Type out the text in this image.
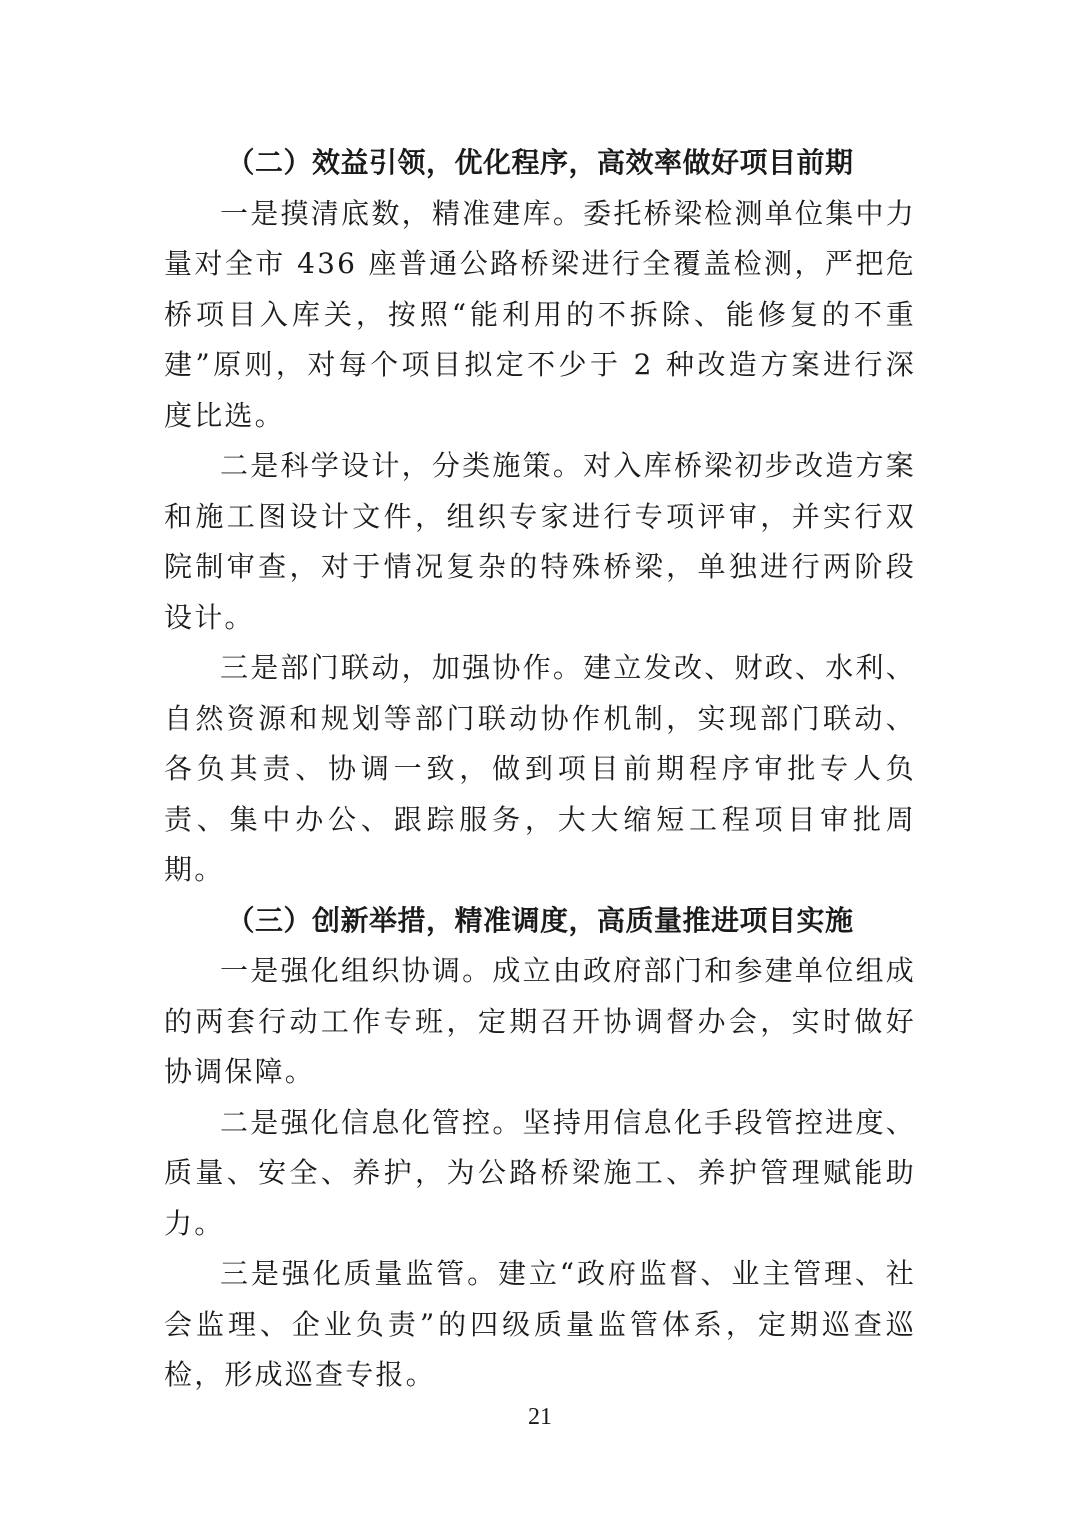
（二）效益引领，优化程序，高效率做好项目前期

一是摸清底数，精准建库。委托桥梁检测单位集中力量对全市 436 座普通公路桥梁进行全覆盖检测，严把危桥项目入库关，按照“能利用的不拆除、能修复的不重建”原则，对每个项目拟定不少于 2 种改造方案进行深度比选。

二是科学设计，分类施策。对入库桥梁初步改造方案和施工图设计文件，组织专家进行专项评审，并实行双院制审查，对于情况复杂的特殊桥梁，单独进行两阶段设计。

三是部门联动，加强协作。建立发改、财政、水利、自然资源和规划等部门联动协作机制，实现部门联动、各负其责、协调一致，做到项目前期程序审批专人负责、集中办公、跟踪服务，大大缩短工程项目审批周期。

（三）创新举措，精准调度，高质量推进项目实施

一是强化组织协调。成立由政府部门和参建单位组成的两套行动工作专班，定期召开协调督办会，实时做好协调保障。

二是强化信息化管控。坚持用信息化手段管控进度、质量、安全、养护，为公路桥梁施工、养护管理赋能助力。

三是强化质量监管。建立“政府监督、业主管理、社会监理、企业负责”的四级质量监管体系，定期巡查巡检，形成巡查专报。

21
